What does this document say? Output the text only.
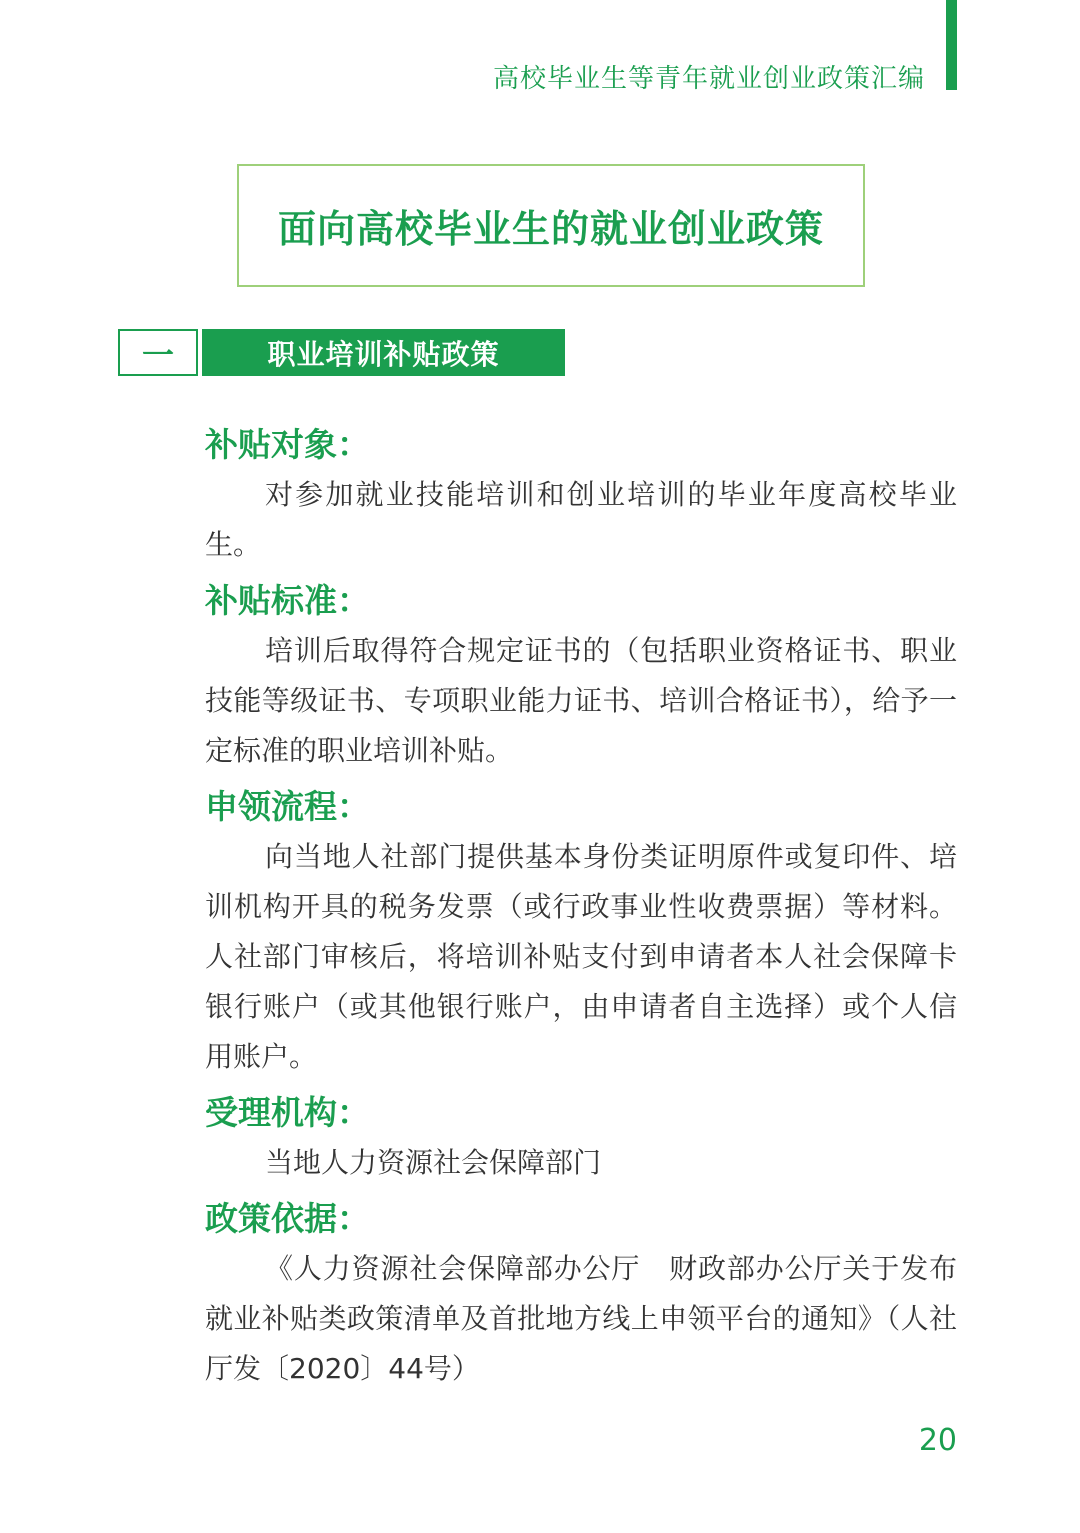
高校毕业生等青年就业创业政策汇编
面向高校毕业生的就业创业政策
一	职业培训补贴政策

补贴对象：

对参加就业技能培训和创业培训的毕业年度高校毕业生。

补贴标准：

培训后取得符合规定证书的（包括职业资格证书、职业技能等级证书、专项职业能力证书、培训合格证书），给予一定标准的职业培训补贴。

申领流程：

向当地人社部门提供基本身份类证明原件或复印件、培训机构开具的税务发票（或行政事业性收费票据）等材料。人社部门审核后，将培训补贴支付到申请者本人社会保障卡银行账户（或其他银行账户，由申请者自主选择）或个人信用账户。

受理机构：

当地人力资源社会保障部门

政策依据：

《人力资源社会保障部办公厅　财政部办公厅关于发布就业补贴类政策清单及首批地方线上申领平台的通知》（人社厅发〔2020〕44号）

20
